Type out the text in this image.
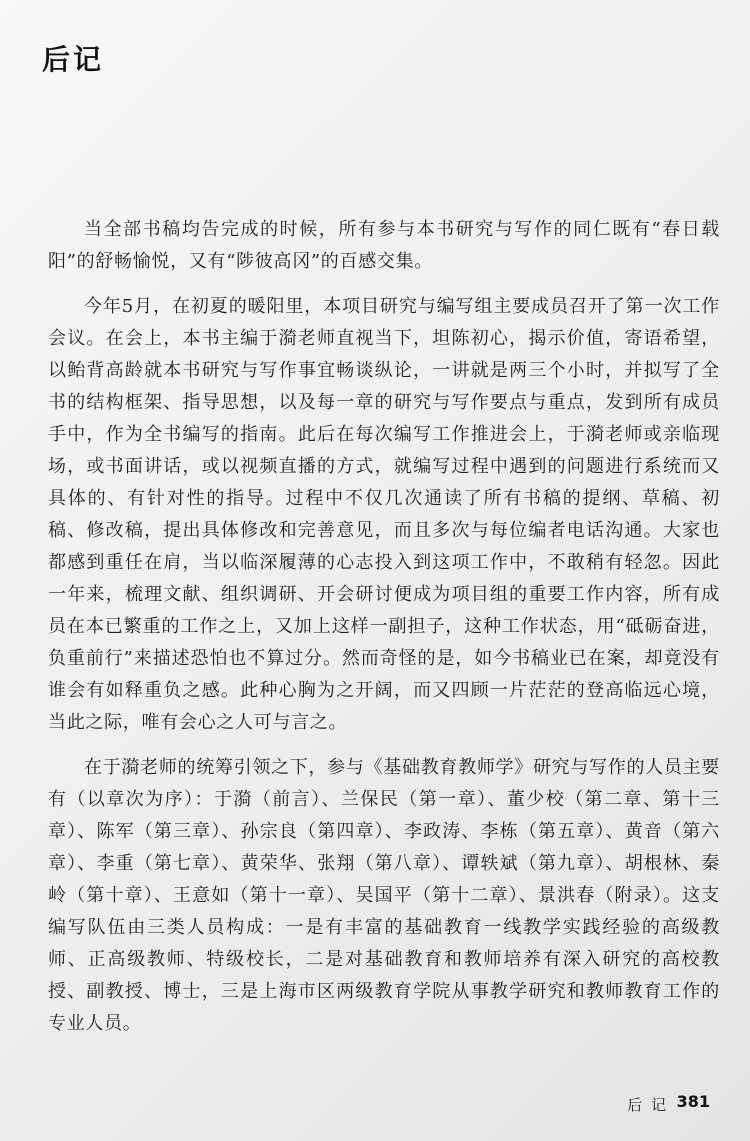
后记

当全部书稿均告完成的时候，所有参与本书研究与写作的同仁既有“春日载阳”的舒畅愉悦，又有“陟彼高冈”的百感交集。

今年5月，在初夏的暖阳里，本项目研究与编写组主要成员召开了第一次工作会议。在会上，本书主编于漪老师直视当下，坦陈初心，揭示价值，寄语希望，以鲐背高龄就本书研究与写作事宜畅谈纵论，一讲就是两三个小时，并拟写了全书的结构框架、指导思想，以及每一章的研究与写作要点与重点，发到所有成员手中，作为全书编写的指南。此后在每次编写工作推进会上，于漪老师或亲临现场，或书面讲话，或以视频直播的方式，就编写过程中遇到的问题进行系统而又具体的、有针对性的指导。过程中不仅几次通读了所有书稿的提纲、草稿、初稿、修改稿，提出具体修改和完善意见，而且多次与每位编者电话沟通。大家也都感到重任在肩，当以临深履薄的心志投入到这项工作中，不敢稍有轻忽。因此一年来，梳理文献、组织调研、开会研讨便成为项目组的重要工作内容，所有成员在本已繁重的工作之上，又加上这样一副担子，这种工作状态，用“砥砺奋进，负重前行”来描述恐怕也不算过分。然而奇怪的是，如今书稿业已在案，却竟没有谁会有如释重负之感。此种心胸为之开阔，而又四顾一片茫茫的登高临远心境，当此之际，唯有会心之人可与言之。

在于漪老师的统筹引领之下，参与《基础教育教师学》研究与写作的人员主要有（以章次为序）：于漪（前言）、兰保民（第一章）、董少校（第二章、第十三章）、陈军（第三章）、孙宗良（第四章）、李政涛、李栋（第五章）、黄音（第六章）、李重（第七章）、黄荣华、张翔（第八章）、谭轶斌（第九章）、胡根林、秦岭（第十章）、王意如（第十一章）、吴国平（第十二章）、景洪春（附录）。这支编写队伍由三类人员构成：一是有丰富的基础教育一线教学实践经验的高级教师、正高级教师、特级校长，二是对基础教育和教师培养有深入研究的高校教授、副教授、博士，三是上海市区两级教育学院从事教学研究和教师教育工作的专业人员。

后 记 381
